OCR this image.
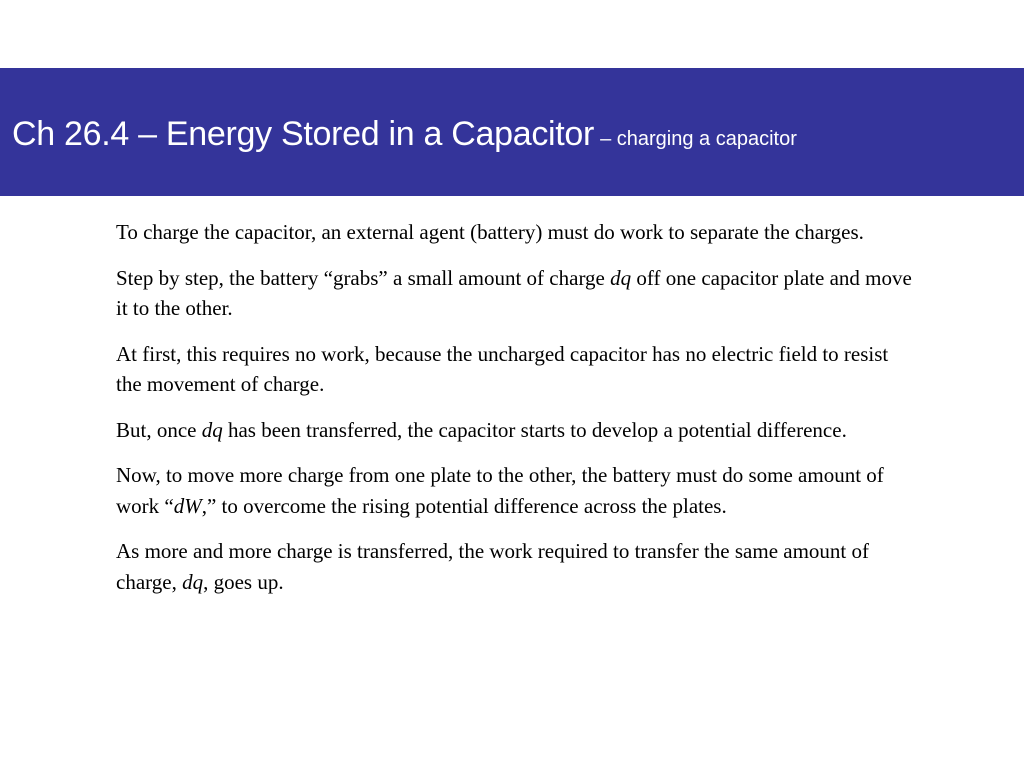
Ch 26.4 – Energy Stored in a Capacitor – charging a capacitor

To charge the capacitor, an external agent (battery) must do work to separate the charges.

Step by step, the battery “grabs” a small amount of charge dq off one capacitor plate and move it to the other.

At first, this requires no work, because the uncharged capacitor has no electric field to resist the movement of charge.

But, once dq has been transferred, the capacitor starts to develop a potential difference.

Now, to move more charge from one plate to the other, the battery must do some amount of work “dW,” to overcome the rising potential difference across the plates.

As more and more charge is transferred, the work required to transfer the same amount of charge, dq, goes up.
